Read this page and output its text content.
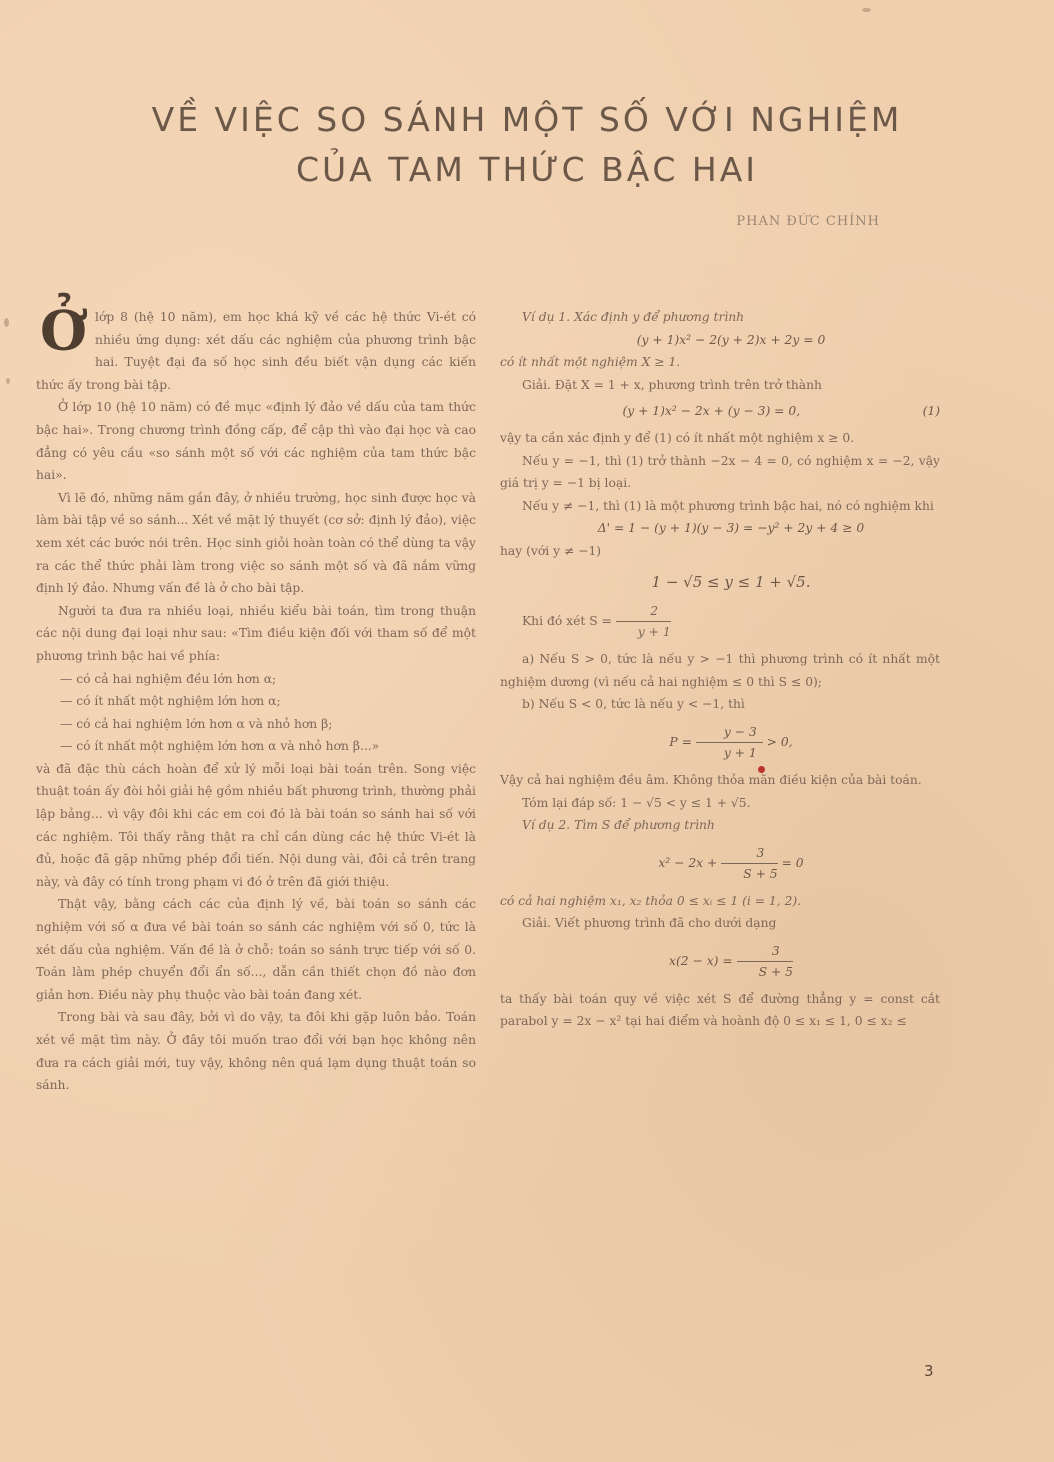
VỀ VIỆC SO SÁNH MỘT SỐ VỚI NGHIỆM
CỦA TAM THỨC BẬC HAI
PHAN ĐỨC CHÍNH

Ở lớp 8 (hệ 10 năm), em học khá kỹ về các hệ thức Vi-ét có nhiều ứng dụng: xét dấu các nghiệm của phương trình bậc hai. Tuyệt đại đa số học sinh đều biết vận dụng các kiến thức ấy trong bài tập.

Ở lớp 10 (hệ 10 năm) có đề mục «định lý đảo về dấu của tam thức bậc hai». Trong chương trình đồng cấp, để cập thì vào đại học và cao đẳng có yêu cầu «so sánh một số với các nghiệm của tam thức bậc hai».

Vì lẽ đó, những năm gần đây, ở nhiều trường, học sinh được học và làm bài tập về so sánh... Xét về mặt lý thuyết (cơ sở: định lý đảo), việc xem xét các bước nói trên. Học sinh giỏi hoàn toàn có thể dùng ta vậy ra các thể thức phải làm trong việc so sánh một số và đã nắm vững định lý đảo. Nhưng vấn đề là ở cho bài tập.

Người ta đưa ra nhiều loại, nhiều kiểu bài toán, tìm trong thuận các nội dung đại loại như sau: «Tìm điều kiện đối với tham số để một phương trình bậc hai về phía:

— có cả hai nghiệm đều lớn hơn α;
— có ít nhất một nghiệm lớn hơn α;
— có cả hai nghiệm lớn hơn α và nhỏ hơn β;
— có ít nhất một nghiệm lớn hơn α và nhỏ hơn β...»

và đã đặc thù cách hoàn để xử lý mỗi loại bài toán trên. Song việc thuật toán ấy đòi hỏi giải hệ gồm nhiều bất phương trình, thường phải lập bảng... vì vậy đôi khi các em coi đó là bài toán so sánh hai số với các nghiệm. Tôi thấy rằng thật ra chỉ cần dùng các hệ thức Vi-ét là đủ, hoặc đã gặp những phép đổi tiến. Nội dung vài, đôi cả trên trang này, và đây có tính trong phạm vi đó ở trên đã giới thiệu.

Thật vậy, bằng cách các của định lý về, bài toán so sánh các nghiệm với số α đưa về bài toán so sánh các nghiệm với số 0, tức là xét dấu của nghiệm. Vấn đề là ở chỗ: toán so sánh trực tiếp với số 0. Toán làm phép chuyển đổi ẩn số..., dẫn cần thiết chọn đồ nào đơn giản hơn. Điều này phụ thuộc vào bài toán đang xét.

Trong bài và sau đây, bởi vì do vậy, ta đôi khi gặp luôn bảo. Toán xét về mặt tìm này. Ở đây tôi muốn trao đổi với bạn học không nên đưa ra cách giải mới, tuy vậy, không nên quá lạm dụng thuật toán so sánh.

Ví dụ 1. Xác định y để phương trình

(y + 1)x² − 2(y + 2)x + 2y = 0

có ít nhất một nghiệm X ≥ 1.

Giải. Đặt X = 1 + x, phương trình trên trở thành

(y + 1)x² − 2x + (y − 3) = 0,	(1)

vậy ta cần xác định y để (1) có ít nhất một nghiệm x ≥ 0.

Nếu y = −1, thì (1) trở thành −2x − 4 = 0, có nghiệm x = −2, vậy giá trị y = −1 bị loại.

Nếu y ≠ −1, thì (1) là một phương trình bậc hai, nó có nghiệm khi

Δ' = 1 − (y + 1)(y − 3) = −y² + 2y + 4 ≥ 0

hay (với y ≠ −1)

1 − √5 ≤ y ≤ 1 + √5.

Khi đó xét $S = \frac{2}{y + 1}$

a) Nếu S > 0, tức là nếu y > −1 thì phương trình có ít nhất một nghiệm dương (vì nếu cả hai nghiệm ≤ 0 thì S ≤ 0);

b) Nếu S < 0, tức là nếu y < −1, thì

$P = \frac{y - 3}{y + 1} > 0$,

Vậy cả hai nghiệm đều âm. Không thỏa mãn điều kiện của bài toán.

Tóm lại đáp số: 1 − √5 < y ≤ 1 + √5.

Ví dụ 2. Tìm S để phương trình

$x^2 - 2x + \frac{3}{S + 5} = 0$

có cả hai nghiệm x₁, x₂ thỏa 0 ≤ xᵢ ≤ 1 (i = 1, 2).

Giải. Viết phương trình đã cho dưới dạng

$x(2 - x) = \frac{3}{S + 5}$

ta thấy bài toán quy về việc xét S để đường thẳng y = const cắt parabol y = 2x − x² tại hai điểm và hoành độ 0 ≤ x₁ ≤ 1, 0 ≤ x₂ ≤

3
